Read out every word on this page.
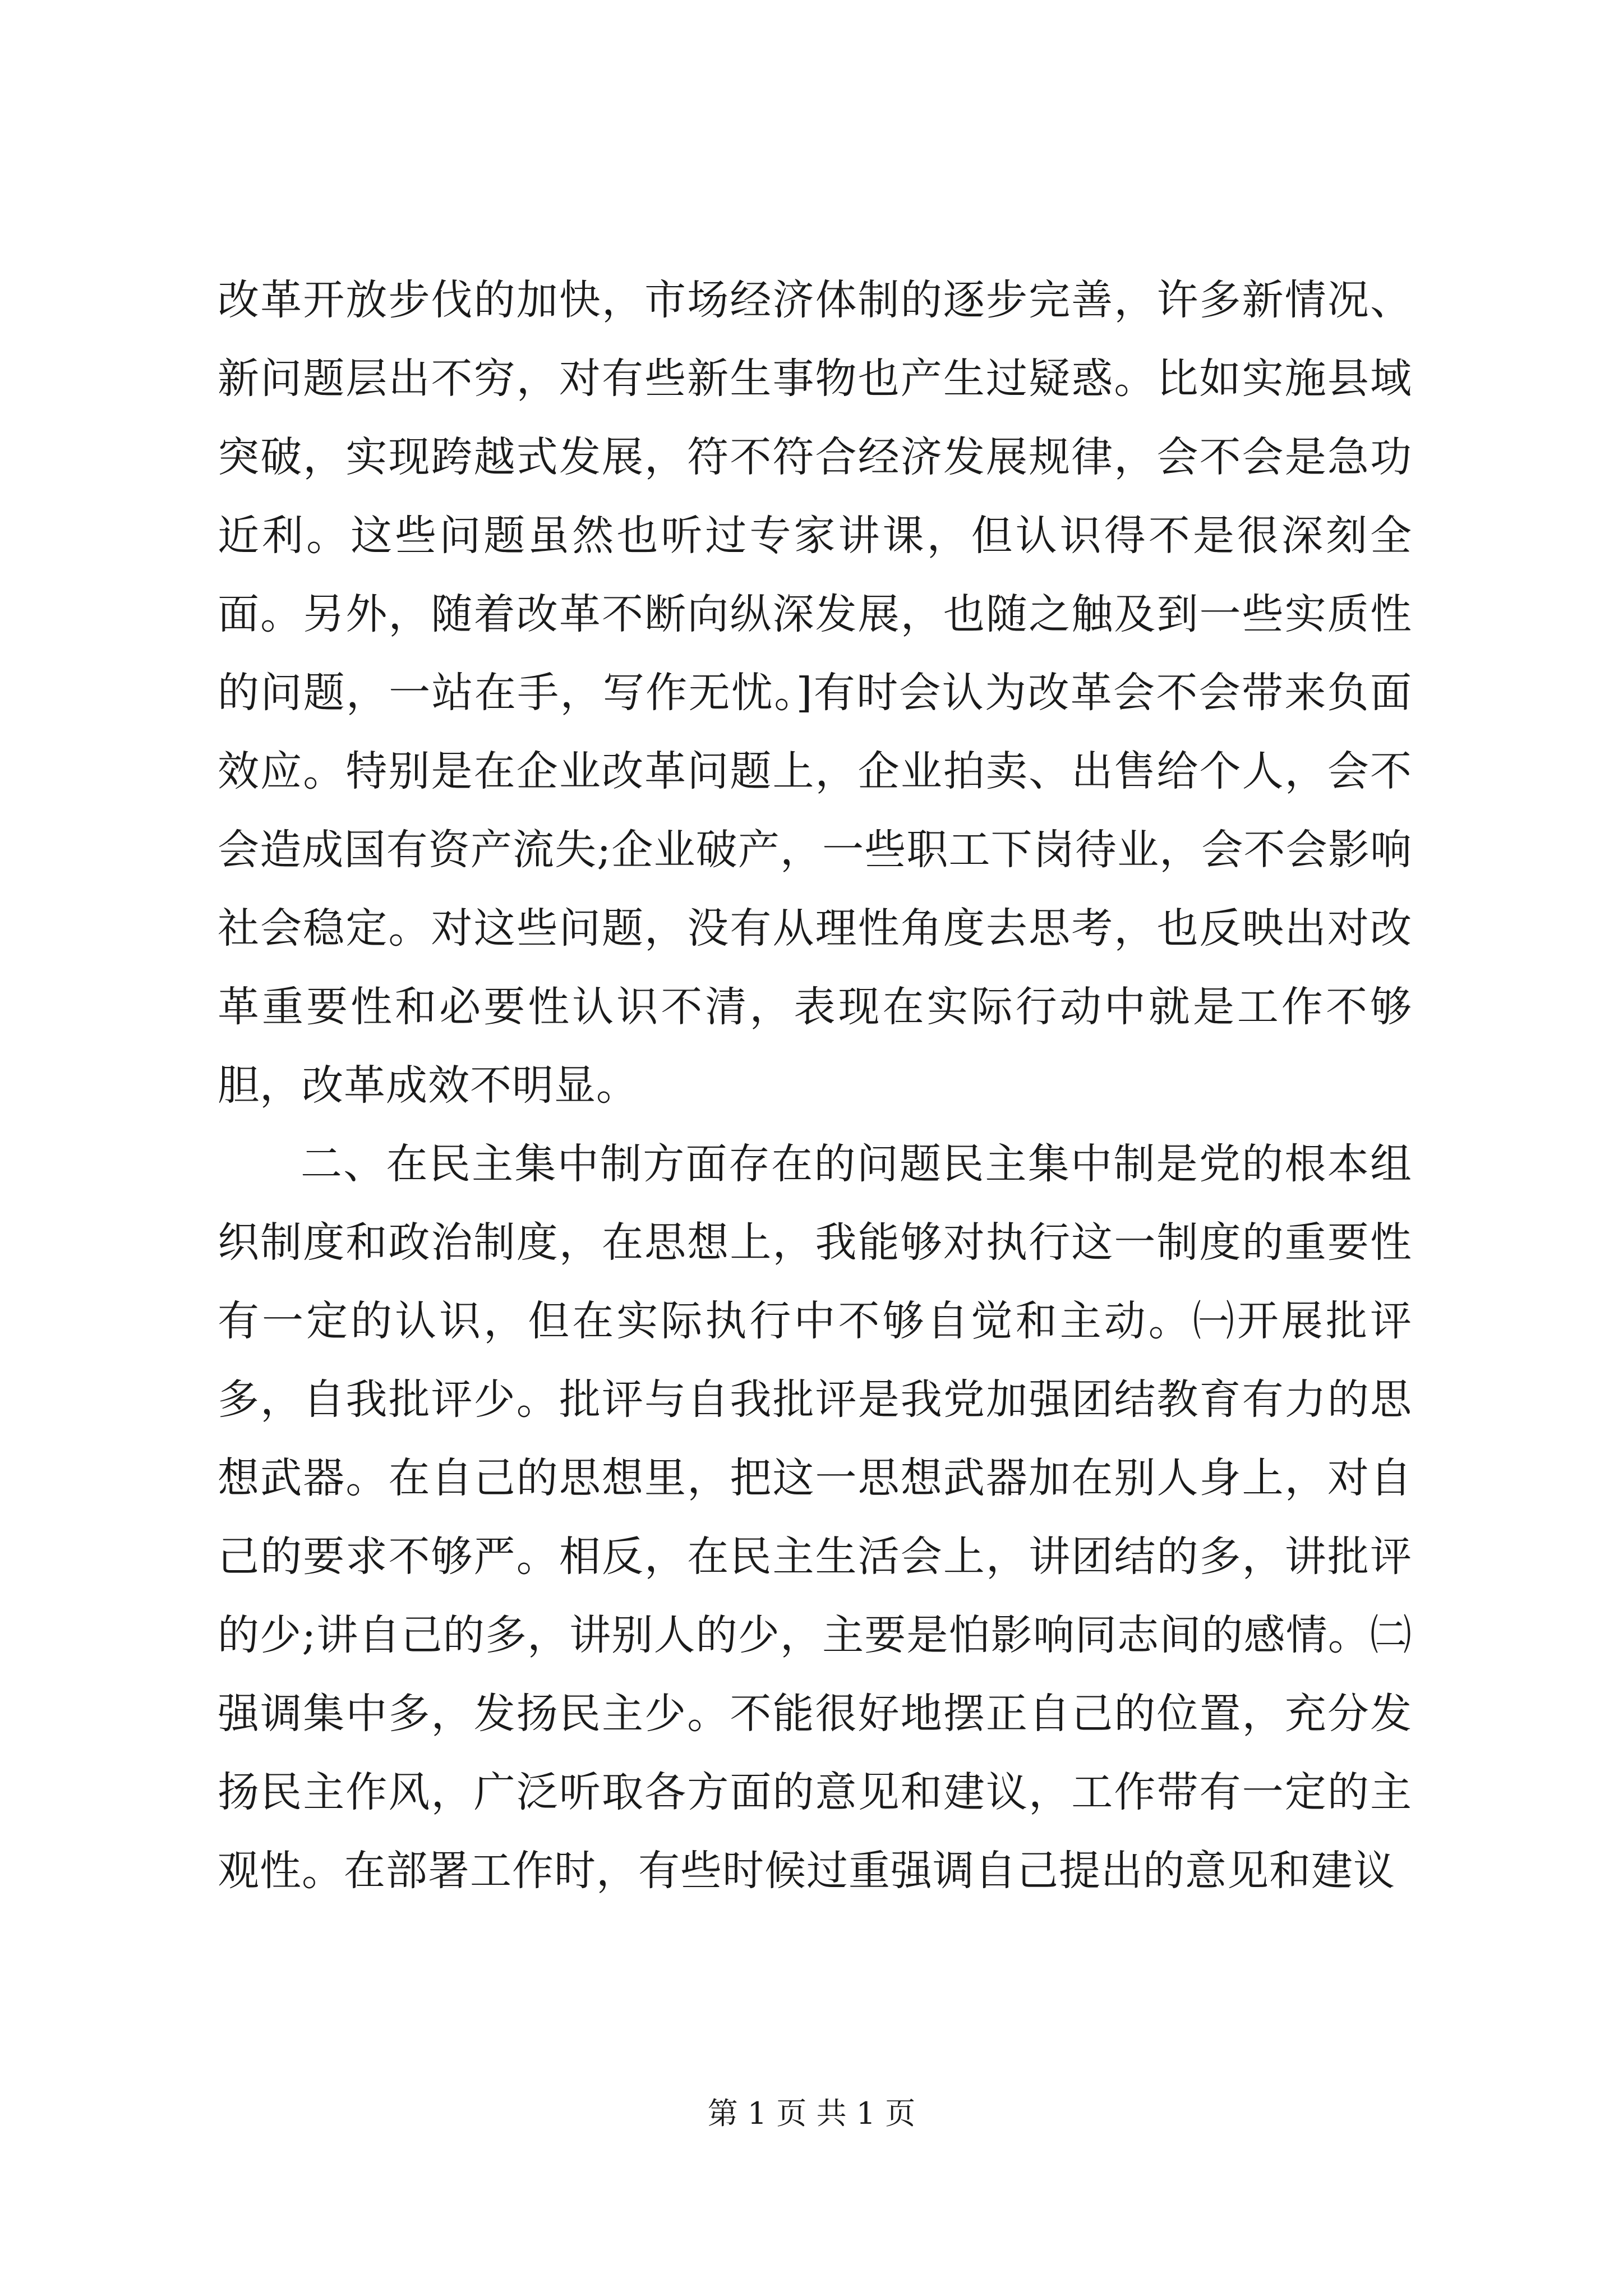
改革开放步伐的加快，市场经济体制的逐步完善，许多新情况、新问题层出不穷，对有些新生事物也产生过疑惑。比如实施县域突破，实现跨越式发展，符不符合经济发展规律，会不会是急功近利。这些问题虽然也听过专家讲课，但认识得不是很深刻全面。另外，随着改革不断向纵深发展，也随之触及到一些实质性的问题，一站在手，写作无忧。]有时会认为改革会不会带来负面效应。特别是在企业改革问题上，企业拍卖、出售给个人，会不会造成国有资产流失;企业破产，一些职工下岗待业，会不会影响社会稳定。对这些问题，没有从理性角度去思考，也反映出对改革重要性和必要性认识不清，表现在实际行动中就是工作不够胆，改革成效不明显。

二、在民主集中制方面存在的问题民主集中制是党的根本组织制度和政治制度，在思想上，我能够对执行这一制度的重要性有一定的认识，但在实际执行中不够自觉和主动。㈠开展批评多，自我批评少。批评与自我批评是我党加强团结教育有力的思想武器。在自己的思想里，把这一思想武器加在别人身上，对自己的要求不够严。相反，在民主生活会上，讲团结的多，讲批评的少;讲自己的多，讲别人的少，主要是怕影响同志间的感情。㈡强调集中多，发扬民主少。不能很好地摆正自己的位置，充分发扬民主作风，广泛听取各方面的意见和建议，工作带有一定的主观性。在部署工作时，有些时候过重强调自己提出的意见和建议

第 1 页 共 1 页
